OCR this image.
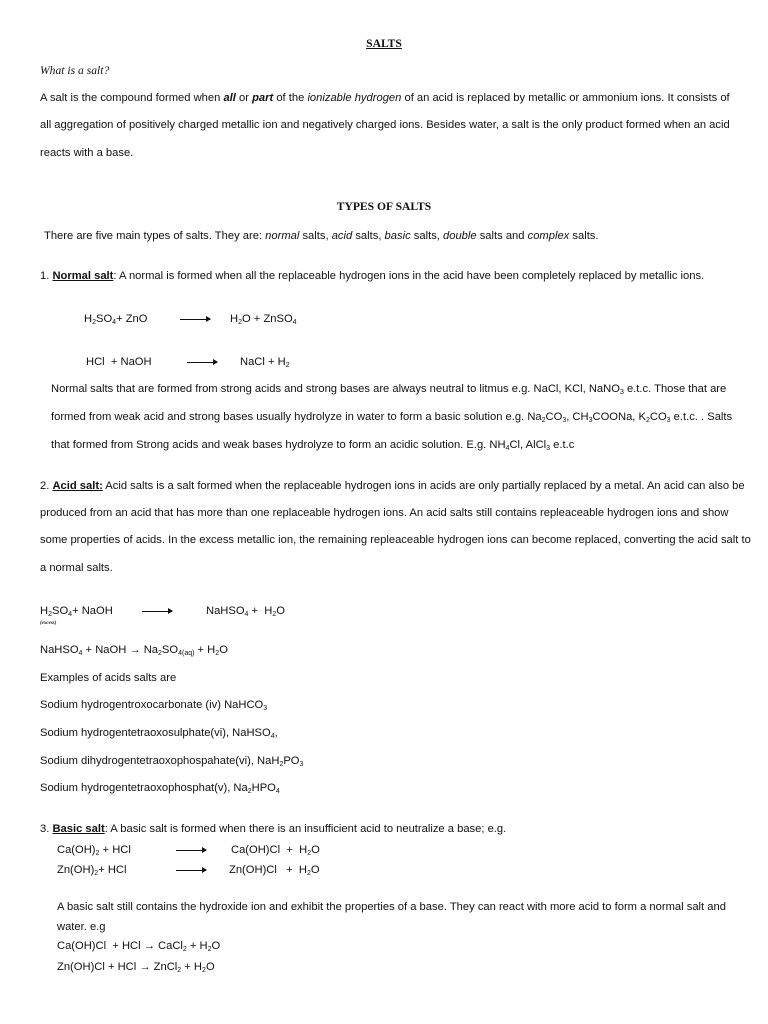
SALTS
What is a salt?
A salt is the compound formed when all or part of the ionizable hydrogen of an acid is replaced by metallic or ammonium ions. It consists of
all aggregation of positively charged metallic ion and negatively charged ions. Besides water, a salt is the only product formed when an acid
reacts with a base.
TYPES OF SALTS
There are five main types of salts. They are: normal salts, acid salts, basic salts, double salts and complex salts.
1. Normal salt: A normal is formed when all the replaceable hydrogen ions in the acid have been completely replaced by metallic ions.
$H_2SO_4+$ ZnO	$H_2O$ + ZnSO$_4$
HCl  + NaOH	NaCl + $H_2$
Normal salts that are formed from strong acids and strong bases are always neutral to litmus e.g. NaCl, KCl, NaNO$_3$ e.t.c. Those that are
formed from weak acid and strong bases usually hydrolyze in water to form a basic solution e.g. $Na_2CO_3$, $CH_3COONa$, $K_2CO_3$ e.t.c. . Salts
that formed from Strong acids and weak bases hydrolyze to form an acidic solution. E.g. $NH_4Cl$, AlCl$_3$ e.t.c
2. Acid salt: Acid salts is a salt formed when the replaceable hydrogen ions in acids are only partially replaced by a metal. An acid can also be
produced from an acid that has more than one replaceable hydrogen ions. An acid salts still contains repleaceable hydrogen ions and show
some properties of acids. In the excess metallic ion, the remaining repleaceable hydrogen ions can become replaced, converting the acid salt to
a normal salts.
$H_2SO_4+$ NaOH
(excess)
NaHSO$_4$ +  $H_2O$
NaHSO$_4$ + NaOH → $Na_2SO_{4(aq)} + H_2O$
Examples of acids salts are
Sodium hydrogentroxocarbonate (iv) NaHCO$_3$
Sodium hydrogentetraoxosulphate(vi), NaHSO$_4$,
Sodium dihydrogentetraoxophospahate(vi), $NaH_2PO_3$
Sodium hydrogentetraoxophosphat(v), $Na_2HPO_4$
3. Basic salt: A basic salt is formed when there is an insufficient acid to neutralize a base; e.g.
$Ca(OH)_2$ + HCl	$Ca(OH)Cl + H_2O$
$Zn(OH)_2+$ HCl	$Zn(OH)Cl + H_2O$
A basic salt still contains the hydroxide ion and exhibit the properties of a base. They can react with more acid to form a normal salt and
water. e.g
Ca(OH)Cl  + HCl → CaCl$_2$ + $H_2O$
Zn(OH)Cl + HCl → ZnCl$_2$ + $H_2O$
